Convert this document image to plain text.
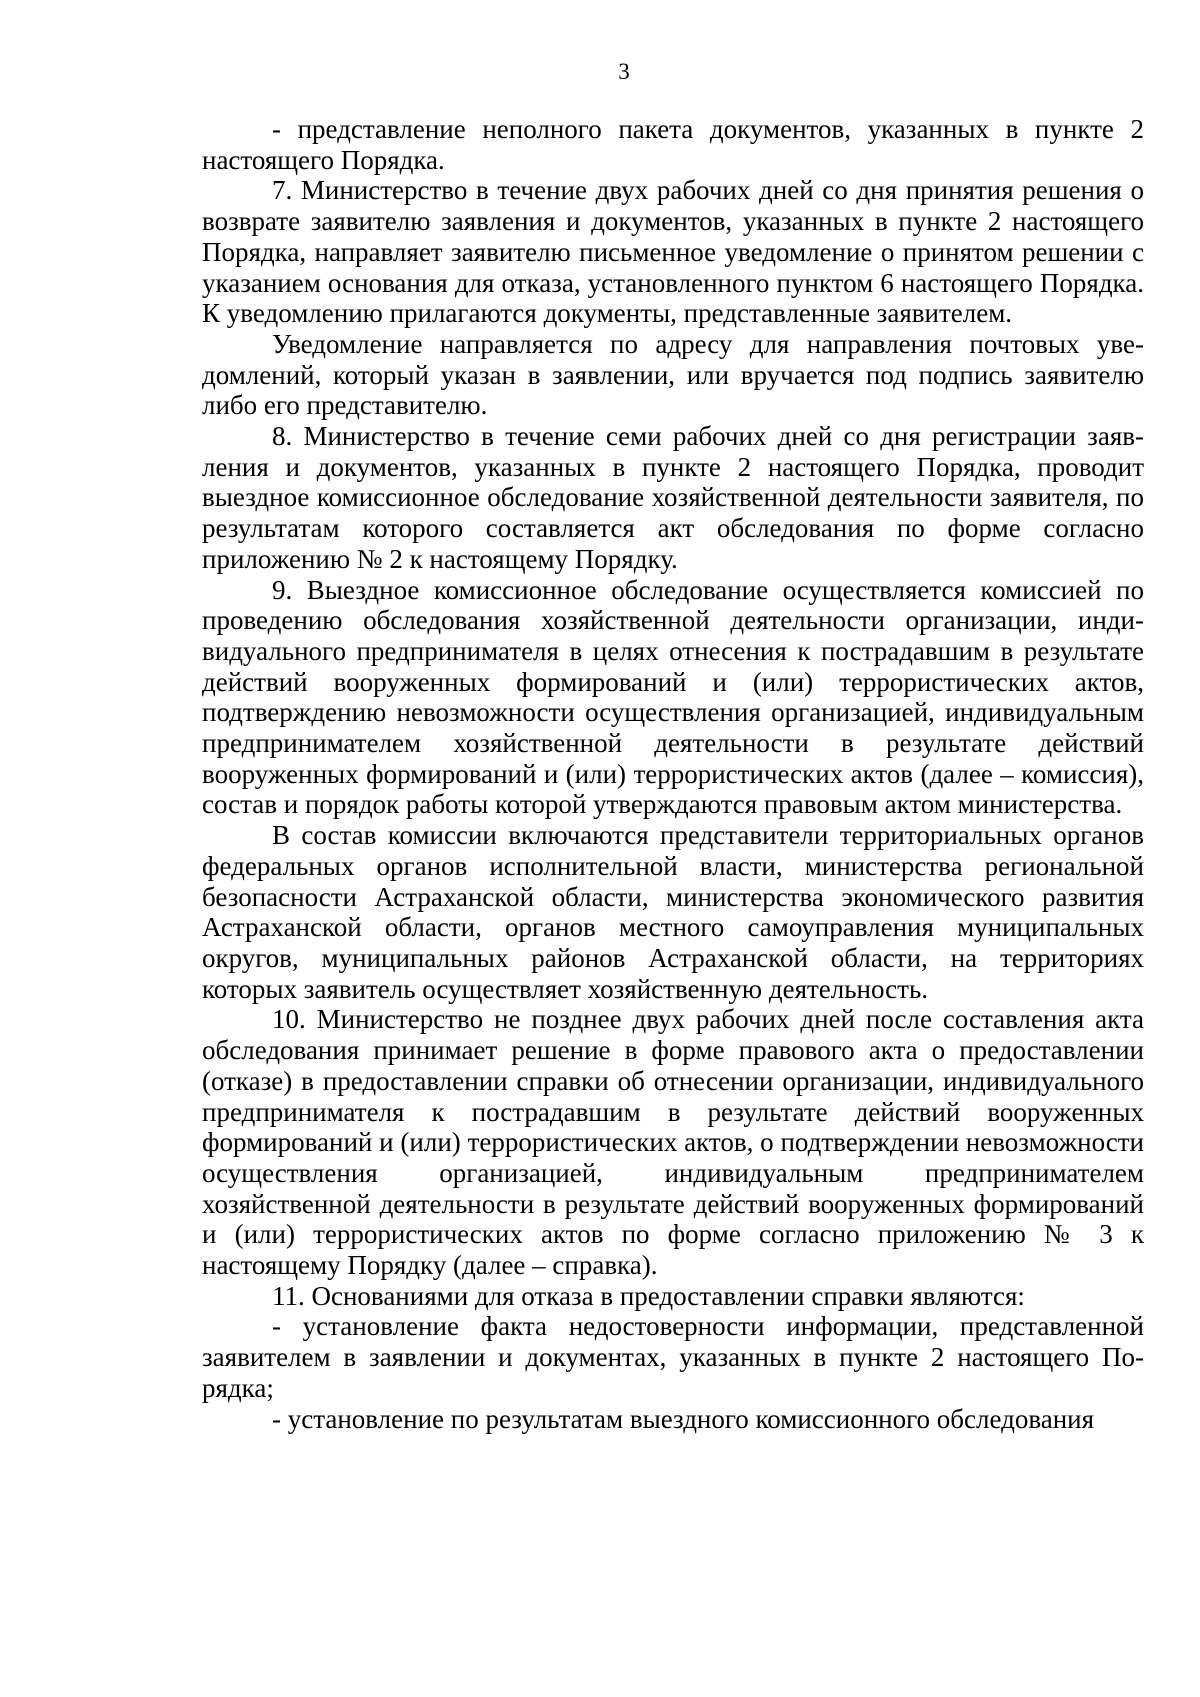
3

- представление неполного пакета документов, указанных в пункте 2 настоящего Порядка.

7. Министерство в течение двух рабочих дней со дня принятия решения о возврате заявителю заявления и документов, указанных в пункте 2 настоящего Порядка, направляет заявителю письменное уведомление о принятом решении с указанием основания для отказа, установленного пунктом 6 настоящего Порядка. К уведомлению прилагаются документы, представленные заявителем.

Уведомление направляется по адресу для направления почтовых уведомлений, который указан в заявлении, или вручается под подпись заявителю либо его представителю.

8. Министерство в течение семи рабочих дней со дня регистрации заявления и документов, указанных в пункте 2 настоящего Порядка, проводит выездное комиссионное обследование хозяйственной деятельности заявителя, по результатам которого составляется акт обследования по форме согласно приложению № 2 к настоящему Порядку.

9. Выездное комиссионное обследование осуществляется комиссией по проведению обследования хозяйственной деятельности организации, индивидуального предпринимателя в целях отнесения к пострадавшим в результате действий вооруженных формирований и (или) террористических актов, подтверждению невозможности осуществления организацией, индивидуальным предпринимателем хозяйственной деятельности в результате действий вооруженных формирований и (или) террористических актов (далее – комиссия), состав и порядок работы которой утверждаются правовым актом министерства.

В состав комиссии включаются представители территориальных органов федеральных органов исполнительной власти, министерства региональной безопасности Астраханской области, министерства экономического развития Астраханской области, органов местного самоуправления муниципальных округов, муниципальных районов Астраханской области, на территориях которых заявитель осуществляет хозяйственную деятельность.

10. Министерство не позднее двух рабочих дней после составления акта обследования принимает решение в форме правового акта о предоставлении (отказе) в предоставлении справки об отнесении организации, индивидуального предпринимателя к пострадавшим в результате действий вооруженных формирований и (или) террористических актов, о подтверждении невозможности осуществления организацией, индивидуальным предпринимателем хозяйственной деятельности в результате действий вооруженных формирований и (или) террористических актов по форме согласно приложению № 3 к настоящему Порядку (далее – справка).

11. Основаниями для отказа в предоставлении справки являются:

- установление факта недостоверности информации, представленной заявителем в заявлении и документах, указанных в пункте 2 настоящего Порядка;

- установление по результатам выездного комиссионного обследования
